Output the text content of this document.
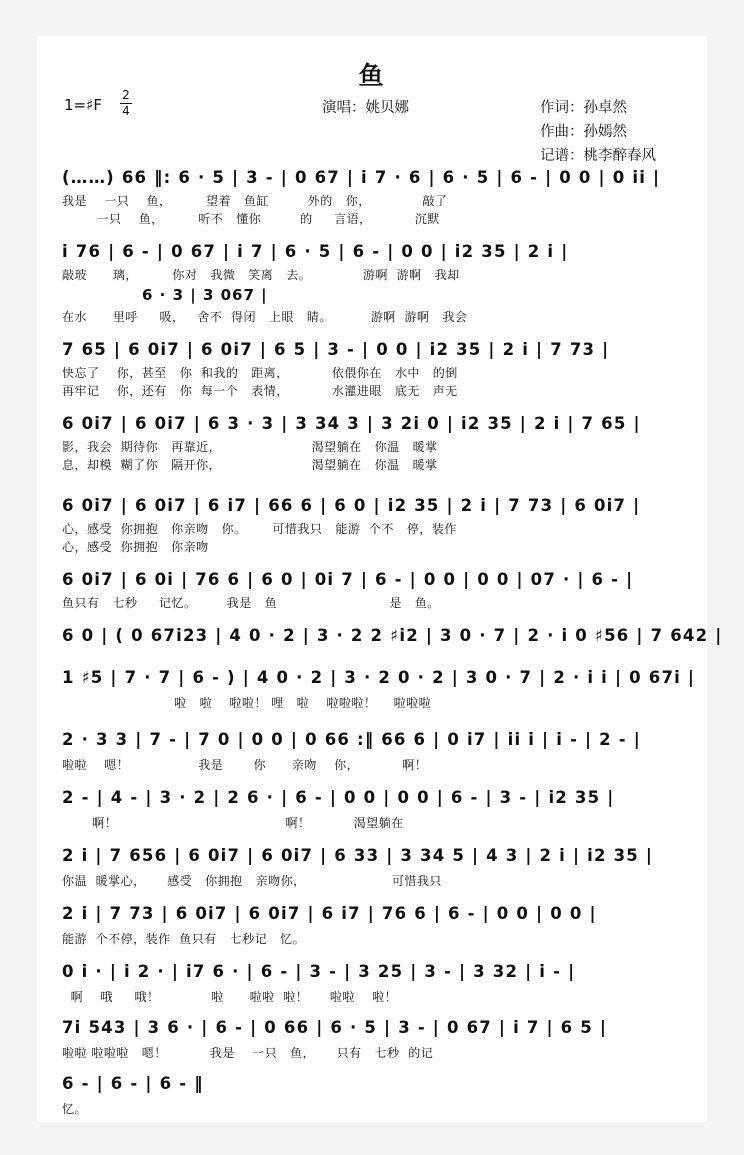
鱼
1=♯F
2
4	演唱：姚贝娜	作词：孙卓然
作曲：孙嫣然
记谱：桃李醉春风
(……) 66 ‖: 6 · 5 | 3 - | 0 67 | i 7 · 6 | 6 · 5 | 6 - | 0 0 | 0 ii |
我是    一只    鱼，        望着   鱼缸         外的   你，            敲了
一只    鱼，        听不   懂你         的     言语，          沉默
i 76 | 6 - | 0 67 | i 7 | 6 · 5 | 6 - | 0 0 | i2 35 | 2 i |
敲玻      璃，        你对   我微   笑离   去。            游啊  游啊   我却
6 · 3 | 3 067 |
在水      里呼     吸，   舍不  得闭   上眼   睛。         游啊  游啊   我会
7 65 | 6 0i7 | 6 0i7 | 6 5 | 3 - | 0 0 | i2 35 | 2 i | 7 73 |
快忘了    你，甚至   你  和我的   距离，          依偎你在   水中   的倒
再牢记    你，还有   你  每一个   表情，          水灌进眼   底无   声无
6 0i7 | 6 0i7 | 6 3 · 3 | 3 34 3 | 3 2i 0 | i2 35 | 2 i | 7 65 |
影，我会  期待你   再靠近，                     渴望躺在   你温   暖掌
息，却模  糊了你   隔开你，                     渴望躺在   你温   暖掌
6 0i7 | 6 0i7 | 6 i7 | 66 6 | 6 0 | i2 35 | 2 i | 7 73 | 6 0i7 |
心，感受  你拥抱   你亲吻   你。      可惜我只   能游  个不   停，装作
心，感受  你拥抱   你亲吻
6 0i7 | 6 0i | 76 6 | 6 0 | 0i 7 | 6 - | 0 0 | 0 0 | 07 · | 6 - |
鱼只有   七秒     记忆。       我是   鱼                          是   鱼。
6 0 | ( 0 67i23 | 4 0 · 2 | 3 · 2 2 ♯i2 | 3 0 · 7 | 2 · i 0 ♯56 | 7 642 |
1 ♯5 | 7 · 7 | 6 - ) | 4 0 · 2 | 3 · 2 0 · 2 | 3 0 · 7 | 2 · i i | 0 67i |
啦   啦    啦啦！ 哩   啦    啦啦啦！    啦啦啦
2 · 3 3 | 7 - | 7 0 | 0 0 | 0 66 :‖ 66 6 | 0 i7 | ii i | i - | 2 - |
啦啦    嗯！                我是       你      亲吻    你，          啊！
2 - | 4 - | 3 · 2 | 2 6 · | 6 - | 0 0 | 0 0 | 6 - | 3 - | i2 35 |
啊！                                       啊！          渴望躺在
2 i | 7 656 | 6 0i7 | 6 0i7 | 6 33 | 3 34 5 | 4 3 | 2 i | i2 35 |
你温  暖掌心，     感受   你拥抱   亲吻你，                    可惜我只
2 i | 7 73 | 6 0i7 | 6 0i7 | 6 i7 | 76 6 | 6 - | 0 0 | 0 0 |
能游  个不停，装作  鱼只有   七秒记   忆。
0 i · | i 2 · | i7 6 · | 6 - | 3 - | 3 25 | 3 - | 3 32 | i - |
啊    哦     哦！            啦      啦啦  啦！     啦啦    啦！
7i 543 | 3 6 · | 6 - | 0 66 | 6 · 5 | 3 - | 0 67 | i 7 | 6 5 |
啦啦 啦啦啦   嗯！          我是    一只   鱼，     只有   七秒  的记
6 - | 6 - | 6 - ‖
忆。
